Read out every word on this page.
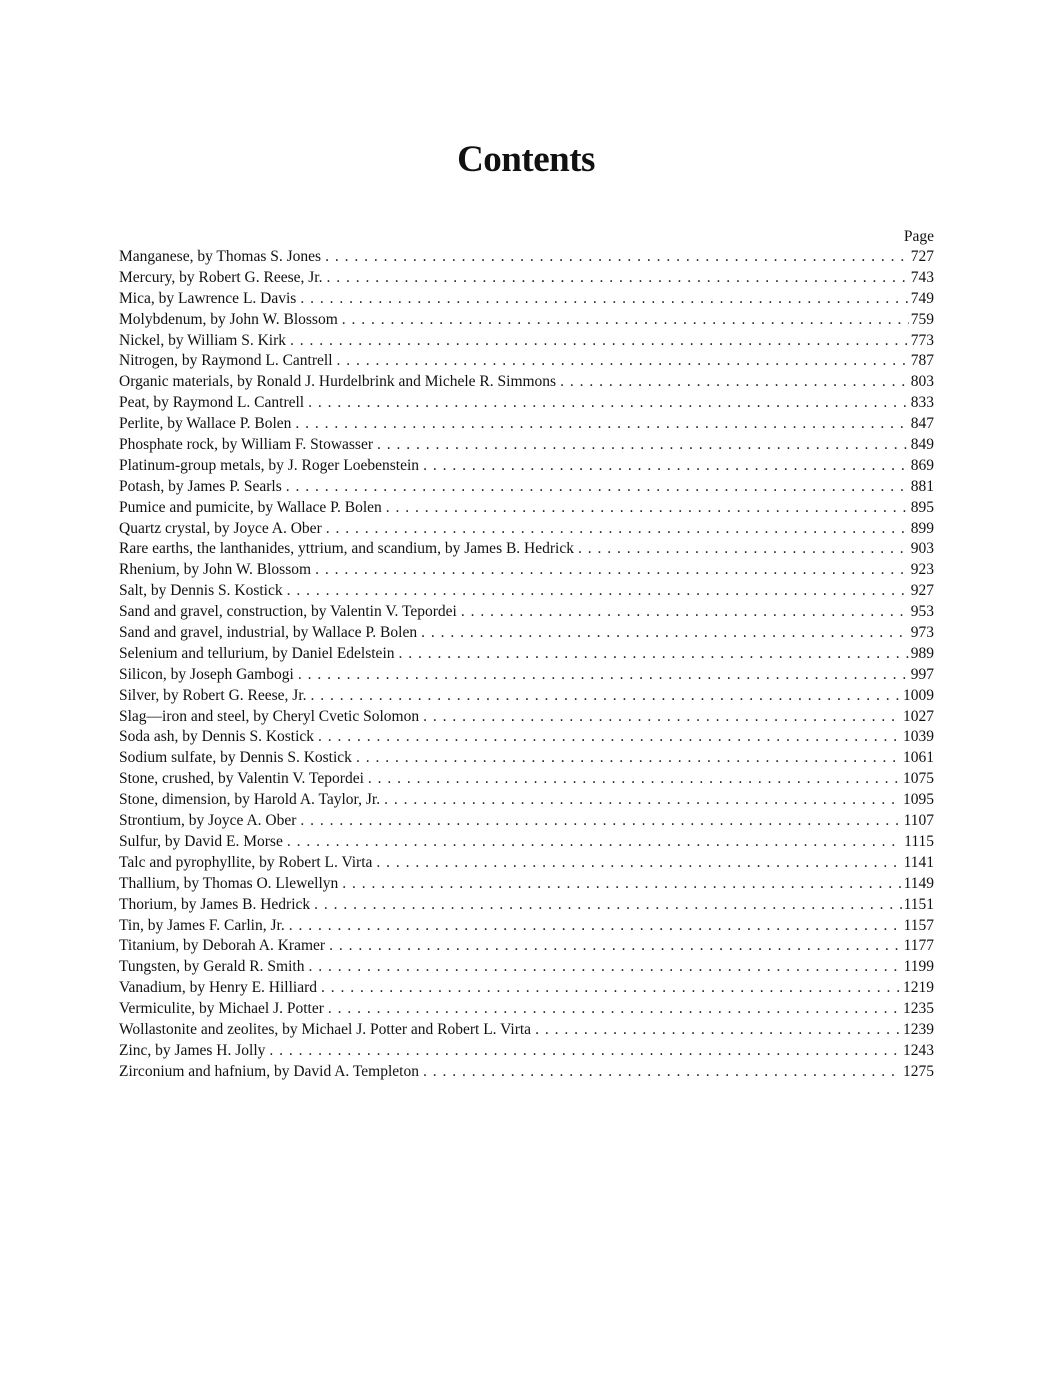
Contents
Page
Manganese, by Thomas S. Jones . . .	727
Mercury, by Robert G. Reese, Jr. . . .	743
Mica, by Lawrence L. Davis . . .	749
Molybdenum, by John W. Blossom . . .	759
Nickel, by William S. Kirk . . .	773
Nitrogen, by Raymond L. Cantrell . . .	787
Organic materials, by Ronald J. Hurdelbrink and Michele R. Simmons . . .	803
Peat, by Raymond L. Cantrell . . .	833
Perlite, by Wallace P. Bolen . . .	847
Phosphate rock, by William F. Stowasser . . .	849
Platinum-group metals, by J. Roger Loebenstein . . .	869
Potash, by James P. Searls . . .	881
Pumice and pumicite, by Wallace P. Bolen . . .	895
Quartz crystal, by Joyce A. Ober . . .	899
Rare earths, the lanthanides, yttrium, and scandium, by James B. Hedrick . . .	903
Rhenium, by John W. Blossom . . .	923
Salt, by Dennis S. Kostick . . .	927
Sand and gravel, construction, by Valentin V. Tepordei . . .	953
Sand and gravel, industrial, by Wallace P. Bolen . . .	973
Selenium and tellurium, by Daniel Edelstein . . .	989
Silicon, by Joseph Gambogi . . .	997
Silver, by Robert G. Reese, Jr. . . .	1009
Slag—iron and steel, by Cheryl Cvetic Solomon . . .	1027
Soda ash, by Dennis S. Kostick . . .	1039
Sodium sulfate, by Dennis S. Kostick . . .	1061
Stone, crushed, by Valentin V. Tepordei . . .	1075
Stone, dimension, by Harold A. Taylor, Jr. . . .	1095
Strontium, by Joyce A. Ober . . .	1107
Sulfur, by David E. Morse . . .	1115
Talc and pyrophyllite, by Robert L. Virta . . .	1141
Thallium, by Thomas O. Llewellyn . . .	1149
Thorium, by James B. Hedrick . . .	1151
Tin, by James F. Carlin, Jr. . . .	1157
Titanium, by Deborah A. Kramer . . .	1177
Tungsten, by Gerald R. Smith . . .	1199
Vanadium, by Henry E. Hilliard . . .	1219
Vermiculite, by Michael J. Potter . . .	1235
Wollastonite and zeolites, by Michael J. Potter and Robert L. Virta . . .	1239
Zinc, by James H. Jolly . . .	1243
Zirconium and hafnium, by David A. Templeton . . .	1275
